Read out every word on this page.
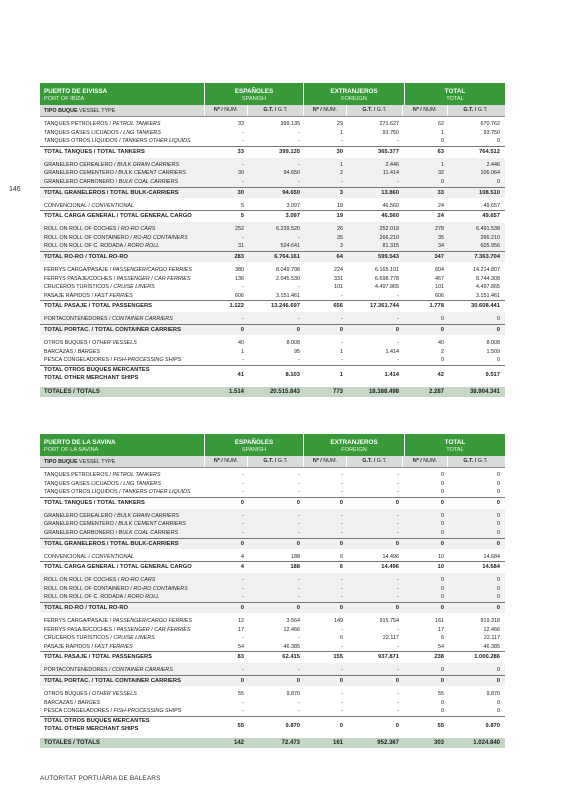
146
PUERTO DE EIVISSA
PORT OF IBIZA
ESPAÑOLES
SPANISH
EXTRANJEROS
FOREIGN
TOTAL
TOTAL
TIPO BUQUE VESSEL TYPE	Nº / NUM.	G.T. / G.T.	Nº / NUM.	G.T. / G.T.	Nº / NUM.	G.T. / G.T.
TANQUES PETROLEROS / PETROL TANKERS	33	399.135	29	271.627	62	670.762
TANQUES GASES LICUADOS / LNG TANKERS	-	-	1	93.750	1	93.750
TANQUES OTROS LÍQUIDOS / TANKERS OTHER LIQUIDS	-	-	-	-	0	0
TOTAL TANQUES / TOTAL TANKERS	33	399.135	30	365.377	63	764.512
GRANELERO CEREALERO / BULK GRAIN CARRIERS	-	-	1	2.446	1	2.446
GRANELERO CEMENTERO / BULK CEMENT CARRIERS	30	94.650	2	11.414	32	106.064
GRANELERO CARBONERO / BULK COAL CARRIERS	-	-	-	-	0	0
TOTAL GRANELEROS / TOTAL BULK-CARRIERS	30	94.650	3	13.860	33	108.510
CONVENCIONAL / CONVENTIONAL	5	3.097	19	46.560	24	49.657
TOTAL CARGA GENERAL / TOTAL GENERAL CARGO	5	3.097	19	46.560	24	49.657
ROLL ON ROLL OF COCHES / RO-RO CARS	252	6.239.520	26	252.018	278	6.491.538
ROLL ON ROLL OF CONTAINERO / RO-RO CONTAINERS	-	-	35	266.210	35	266.210
ROLL ON ROLL OF C. RODADA / RORO ROLL	31	524.641	3	81.315	34	605.956
TOTAL RO-RO / TOTAL RO-RO	283	6.764.161	64	599.543	347	7.363.704
FERRYS CARGA/PASAJE / PASSENGER/CARGO FERRIES	380	8.049.706	224	6.165.101	604	14.214.807
FERRYS PASAJE/COCHES / PASSENGER / CAR FERRIES	136	2.045.530	331	6.698.778	467	8.744.308
CRUCEROS TURÍSTICOS / CRUISE LINERS	-	-	101	4.497.865	101	4.497.865
PASAJE RÁPIDOS / FAST FERRIES	606	3.151.461	-	-	606	3.151.461
TOTAL PASAJE / TOTAL PASSENGERS	1.122	13.246.697	656	17.361.744	1.778	30.608.441
PORTACONTENEDORES / CONTAINER CARRIERS	-	-	-	-	0	0
TOTAL PORTAC. / TOTAL CONTAINER CARRIERS	0	0	0	0	0	0
OTROS BUQUES / OTHER VESSELS	40	8.008	-	-	40	8.008
BARCAZAS / BARGES	1	95	1	1.414	2	1.509
PESCA CONGELADORES / FISH-PROCESSING SHIPS	-	-	-	-	0	0
TOTAL OTROS BUQUES MERCANTES
TOTAL OTHER MERCHANT SHIPS
41	8.103	1	1.414	42	9.517
TOTALES / TOTALS	1.514	20.515.843	773	18.388.498	2.287	38.904.341
PUERTO DE LA SAVINA
PORT OF LA SAVINA
ESPAÑOLES
SPANISH
EXTRANJEROS
FOREIGN
TOTAL
TOTAL
TIPO BUQUE VESSEL TYPE	Nº / NUM.	G.T. / G.T.	Nº / NUM.	G.T. / G.T.	Nº / NUM.	G.T. / G.T.
TANQUES PETROLEROS / PETROL TANKERS	-	-	-	-	0	0
TANQUES GASES LICUADOS / LNG TANKERS	-	-	-	-	0	0
TANQUES OTROS LÍQUIDOS / TANKERS OTHER LIQUIDS	-	-	-	-	0	0
TOTAL TANQUES / TOTAL TANKERS	0	0	0	0	0	0
GRANELERO CEREALERO / BULK GRAIN CARRIERS	-	-	-	-	0	0
GRANELERO CEMENTERO / BULK CEMENT CARRIERS	-	-	-	-	0	0
GRANELERO CARBONERO / BULK COAL CARRIERS	-	-	-	-	0	0
TOTAL GRANELEROS / TOTAL BULK-CARRIERS	0	0	0	0	0	0
CONVENCIONAL / CONVENTIONAL	4	188	6	14.496	10	14.684
TOTAL CARGA GENERAL / TOTAL GENERAL CARGO	4	188	6	14.496	10	14.684
ROLL ON ROLL OF COCHES / RO-RO CARS	-	-	-	-	0	0
ROLL ON ROLL OF CONTAINERO / RO-RO CONTAINERS	-	-	-	-	0	0
ROLL ON ROLL OF C. RODADA / RORO ROLL	-	-	-	-	0	0
TOTAL RO-RO / TOTAL RO-RO	0	0	0	0	0	0
FERRYS CARGA/PASAJE / PASSENGER/CARGO FERRIES	12	3.564	149	915.754	161	919.318
FERRYS PASAJE/COCHES / PASSENGER / CAR FERRIES	17	12.466	-	-	17	12.466
CRUCEROS TURÍSTICOS / CRUISE LINERS	-	-	6	22.117	6	22.117
PASAJE RÁPIDOS / FAST FERRIES	54	46.385	-	-	54	46.385
TOTAL PASAJE / TOTAL PASSENGERS	83	62.415	155	937.871	238	1.000.286
PORTACONTENEDORES / CONTAINER CARRIERS	-	-	-	-	0	0
TOTAL PORTAC. / TOTAL CONTAINER CARRIERS	0	0	0	0	0	0
OTROS BUQUES / OTHER VESSELS	55	9.870	-	-	55	9.870
BARCAZAS / BARGES	-	-	-	-	0	0
PESCA CONGELADORES / FISH-PROCESSING SHIPS	-	-	-	-	0	0
TOTAL OTROS BUQUES MERCANTES
TOTAL OTHER MERCHANT SHIPS
55	9.870	0	0	55	9.870
TOTALES / TOTALS	142	72.473	161	952.367	303	1.024.840
AUTORITAT PORTUÀRIA DE BALEARS
